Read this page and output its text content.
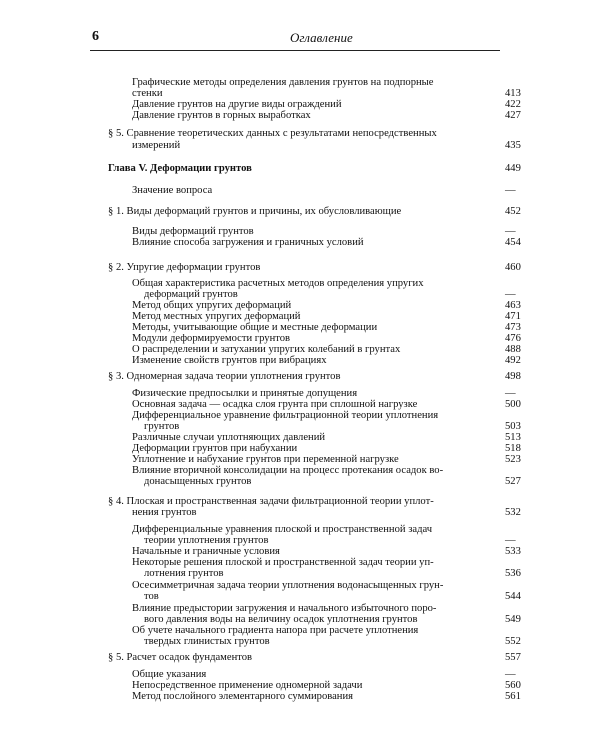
6	Оглавление
Графические методы определения давления грунтов на подпорные
стенки	413
Давление грунтов на другие виды ограждений	422
Давление грунтов в горных выработках	427
§ 5. Сравнение теоретических данных с результатами непосредственных
измерений	435
Глава V. Деформации грунтов	449
Значение вопроса	—
§ 1. Виды деформаций грунтов и причины, их обусловливающие	452
Виды деформаций грунтов	—
Влияние способа загружения и граничных условий	454
§ 2. Упругие деформации грунтов	460
Общая характеристика расчетных методов определения упругих
деформаций грунтов	—
Метод общих упругих деформаций	463
Метод местных упругих деформаций	471
Методы, учитывающие общие и местные деформации	473
Модули деформируемости грунтов	476
О распределении и затухании упругих колебаний в грунтах	488
Изменение свойств грунтов при вибрациях	492
§ 3. Одномерная задача теории уплотнения грунтов	498
Физические предпосылки и принятые допущения	—
Основная задача — осадка слоя грунта при сплошной нагрузке	500
Дифференциальное уравнение фильтрационной теории уплотнения
грунтов	503
Различные случаи уплотняющих давлений	513
Деформации грунтов при набухании	518
Уплотнение и набухание грунтов при переменной нагрузке	523
Влияние вторичной консолидации на процесс протекания осадок во-
донасыщенных грунтов	527
§ 4. Плоская и пространственная задачи фильтрационной теории уплот-
нения грунтов	532
Дифференциальные уравнения плоской и пространственной задач
теории уплотнения грунтов	—
Начальные и граничные условия	533
Некоторые решения плоской и пространственной задач теории уп-
лотнения грунтов	536
Осесимметричная задача теории уплотнения водонасыщенных грун-
тов	544
Влияние предыстории загружения и начального избыточного поро-
вого давления воды на величину осадок уплотнения грунтов	549
Об учете начального градиента напора при расчете уплотнения
твердых глинистых грунтов	552
§ 5. Расчет осадок фундаментов	557
Общие указания	—
Непосредственное применение одномерной задачи	560
Метод послойного элементарного суммирования	561
